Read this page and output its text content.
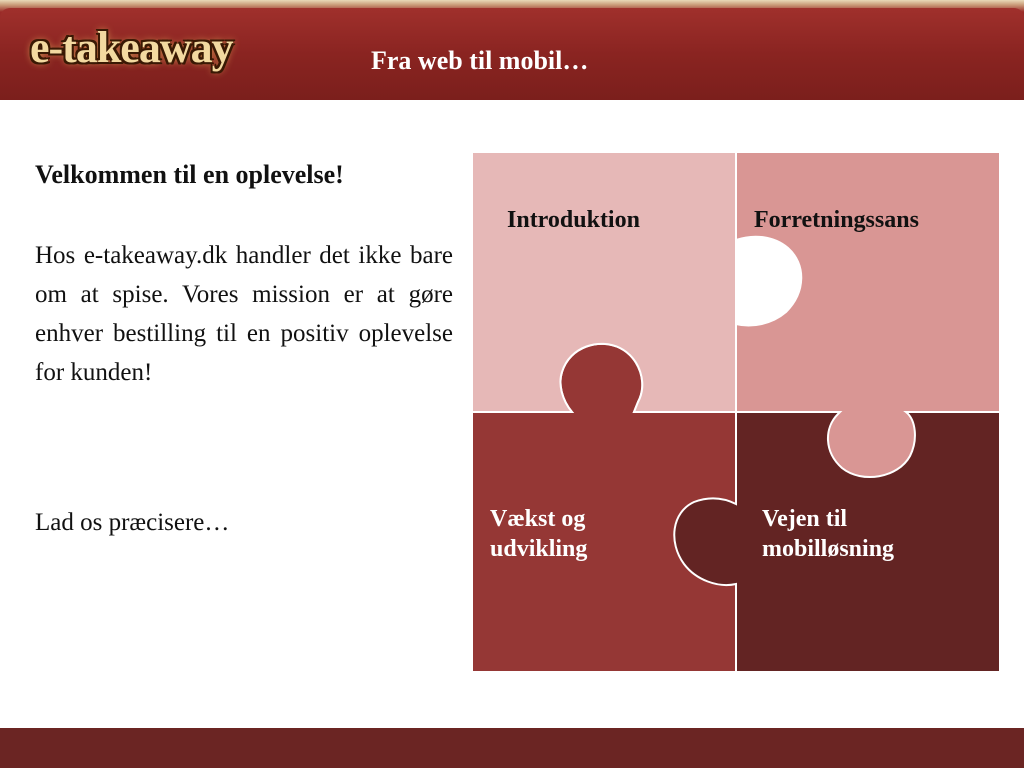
e-takeaway	Fra web til mobil…
Velkommen til en oplevelse!

Hos e-takeaway.dk handler det ikke bare om at spise. Vores mission er at gøre enhver bestilling til en positiv oplevelse for kunden!

Lad os præcisere…
Introduktion	Forretningssans
Vækst og
udvikling
Vejen til
mobilløsning
